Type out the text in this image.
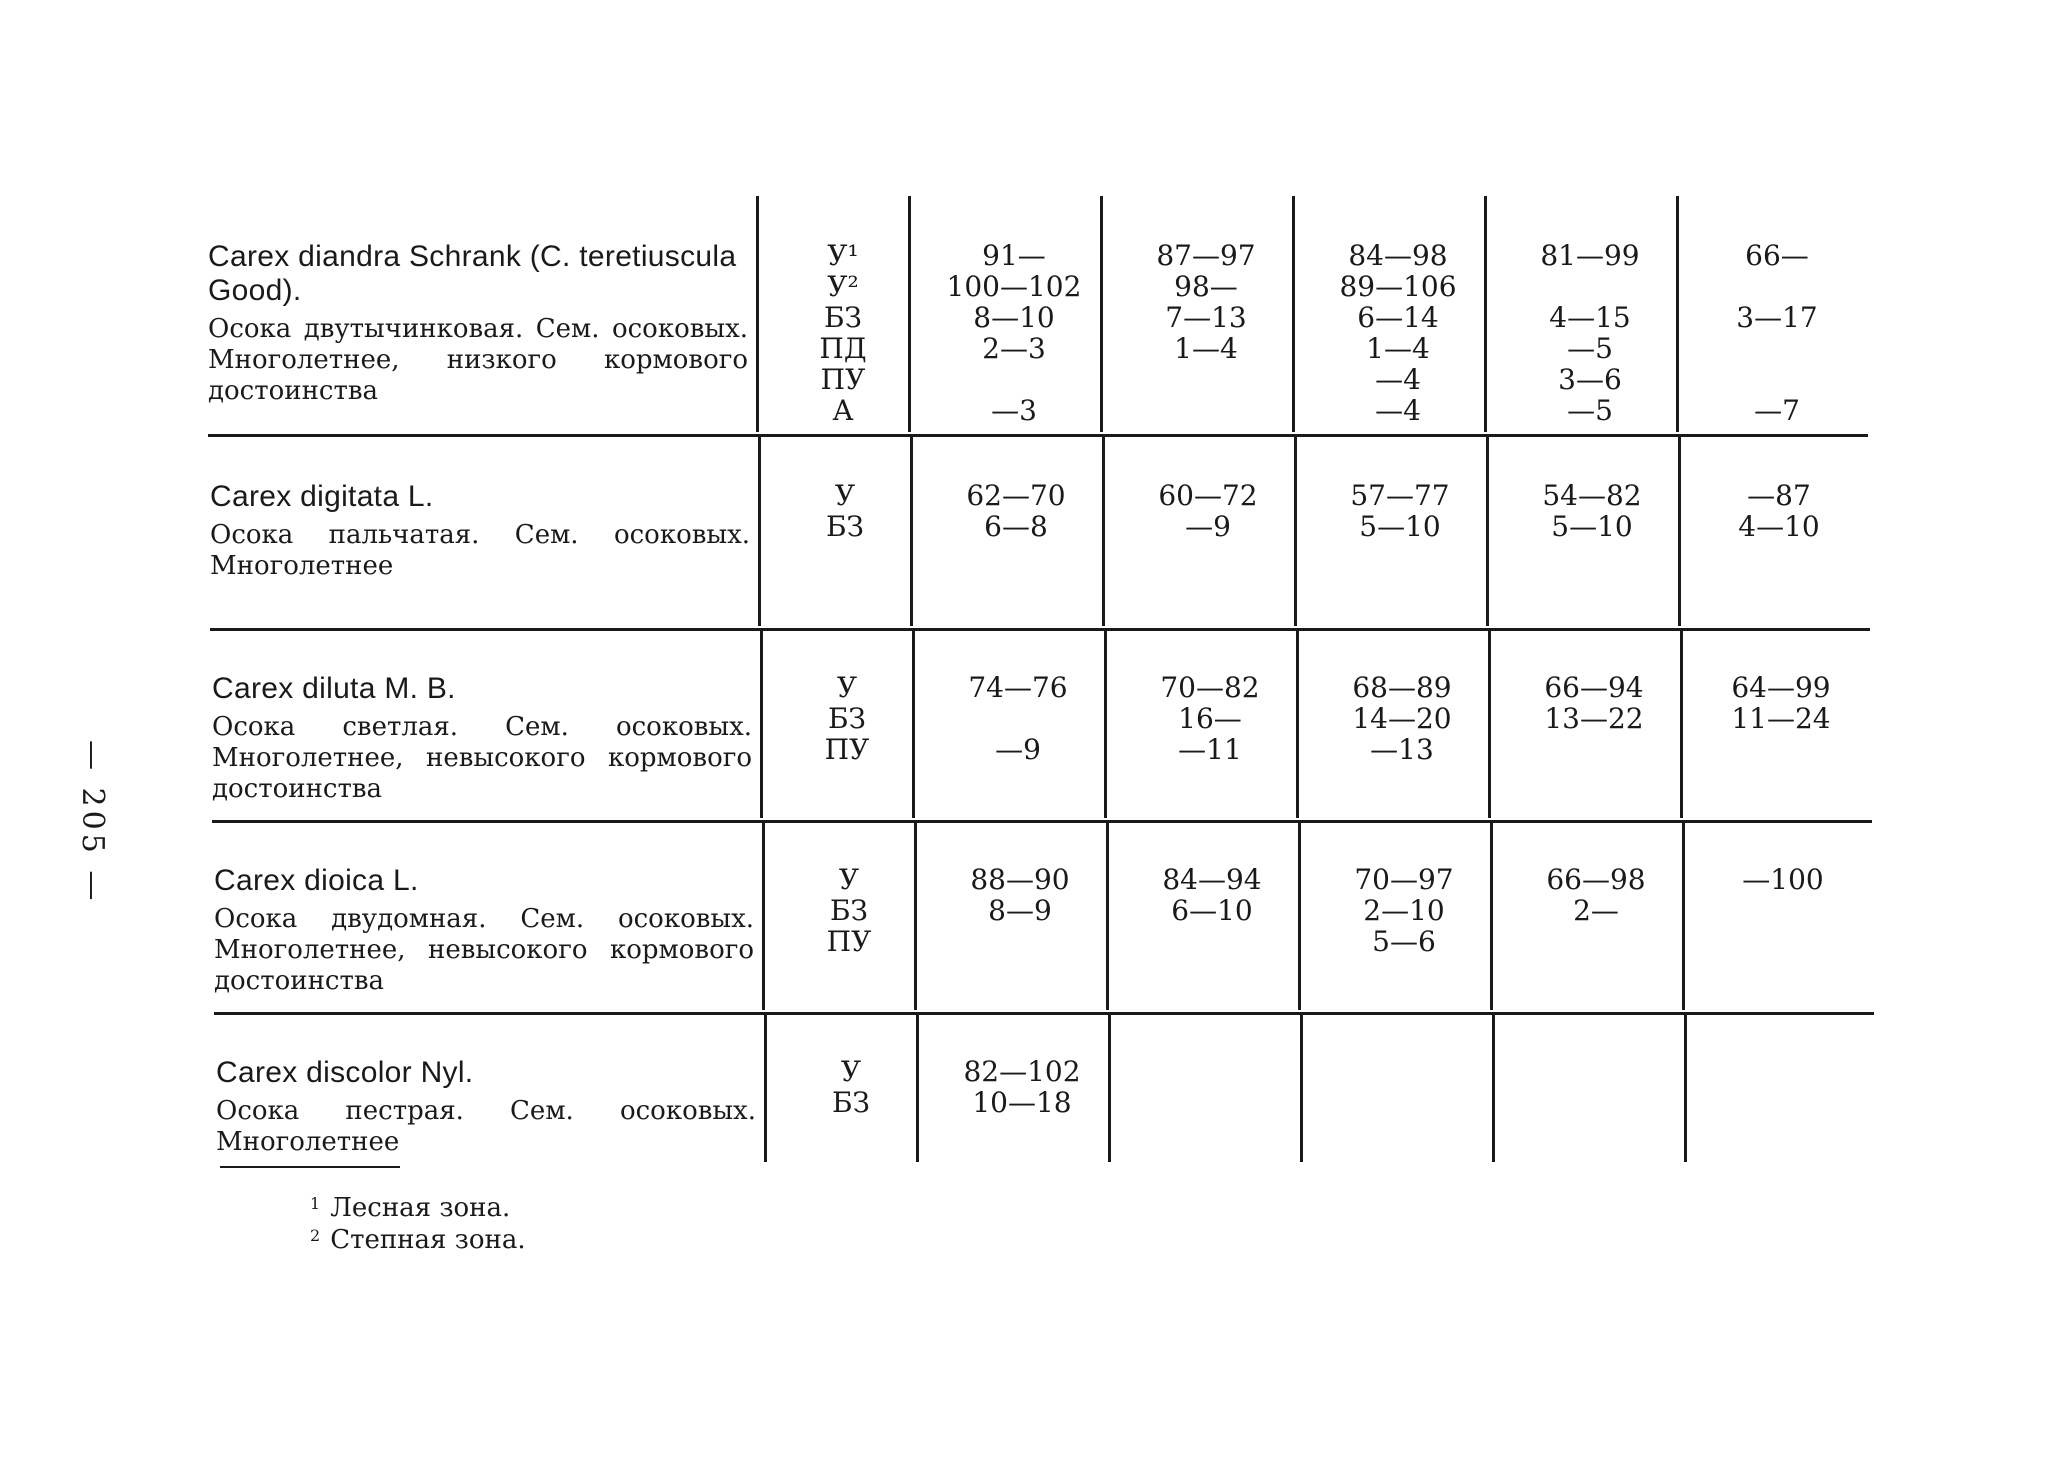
— 205 —
Carex diandra Schrank (C. teretiuscula Good).
Осока двутычинковая. Сем. осоковых. Многолетнее, низкого кормового достоинства
У¹
У²
БЗ
ПД
ПУ
А
91—
100—102
8—10
2—3
—3
87—97
98—
7—13
1—4
84—98
89—106
6—14
1—4
—4
—4
81—99
4—15
—5
3—6
—5
66—
3—17
—7
Carex digitata L.
Осока пальчатая. Сем. осоковых. Многолетнее
У
БЗ
62—70
6—8
60—72
—9
57—77
5—10
54—82
5—10
—87
4—10
Carex diluta M. B.
Осока светлая. Сем. осоковых. Многолетнее, невысокого кормового достоинства
У
БЗ
ПУ
74—76
—9
70—82
16—
—11
68—89
14—20
—13
66—94
13—22
64—99
11—24
Carex dioica L.
Осока двудомная. Сем. осоковых. Многолетнее, невысокого кормового достоинства
У
БЗ
ПУ
88—90
8—9
84—94
6—10
70—97
2—10
5—6
66—98
2—
—100
Carex discolor Nyl.
Осока пестрая. Сем. осоковых. Многолетнее
У
БЗ
82—102
10—18
$^1$ Лесная зона.
$^2$ Степная зона.
